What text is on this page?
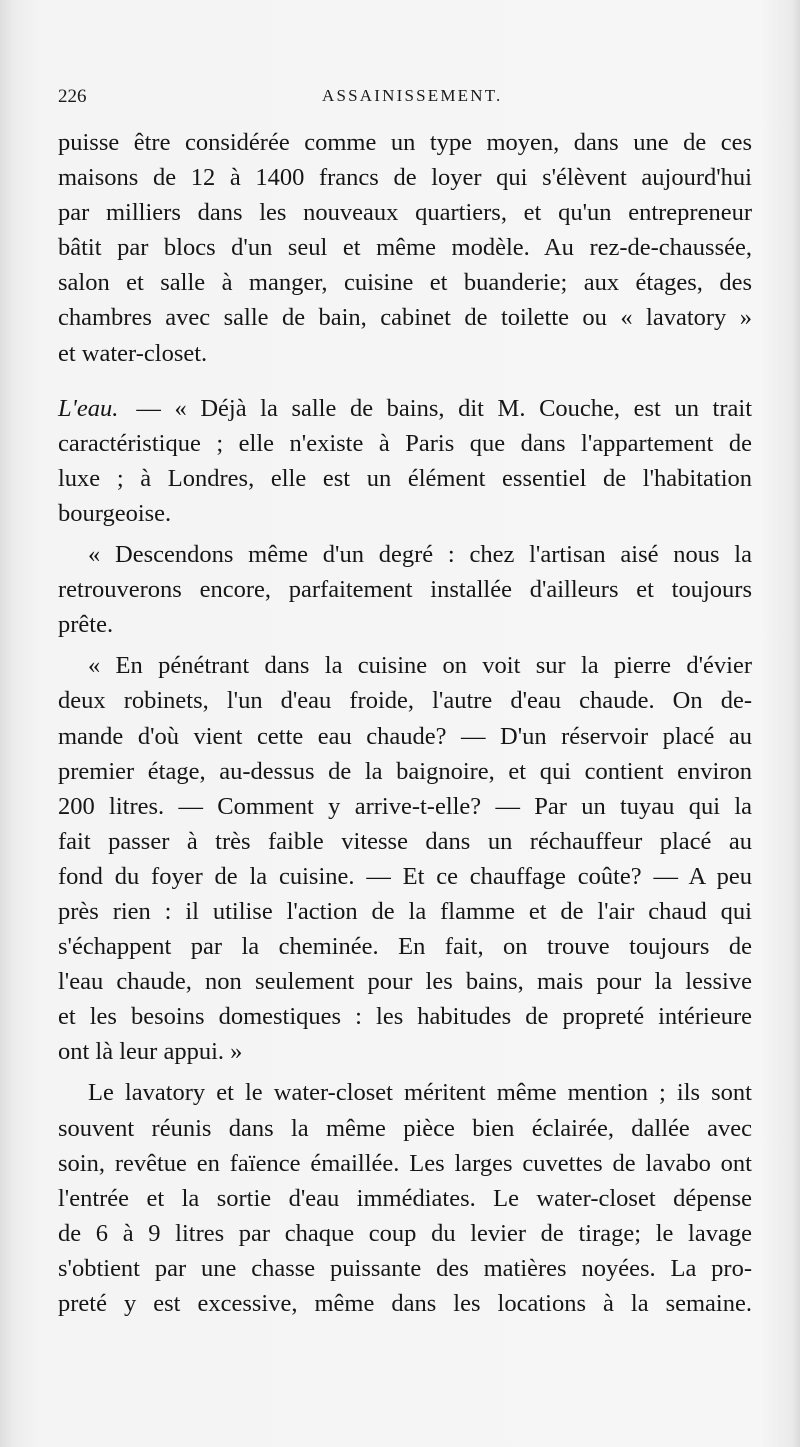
226	ASSAINISSEMENT.
puisse être considérée comme un type moyen, dans une de ces
maisons de 12 à 1400 francs de loyer qui s'élèvent aujourd'hui
par milliers dans les nouveaux quartiers, et qu'un entrepreneur
bâtit par blocs d'un seul et même modèle. Au rez-de-chaussée,
salon et salle à manger, cuisine et buanderie; aux étages, des
chambres avec salle de bain, cabinet de toilette ou « lavatory »
et water-closet.
L'eau. — « Déjà la salle de bains, dit M. Couche, est un trait
caractéristique ; elle n'existe à Paris que dans l'appartement de
luxe ; à Londres, elle est un élément essentiel de l'habitation
bourgeoise.
« Descendons même d'un degré : chez l'artisan aisé nous la
retrouverons encore, parfaitement installée d'ailleurs et toujours
prête.
« En pénétrant dans la cuisine on voit sur la pierre d'évier
deux robinets, l'un d'eau froide, l'autre d'eau chaude. On de-
mande d'où vient cette eau chaude? — D'un réservoir placé au
premier étage, au-dessus de la baignoire, et qui contient environ
200 litres. — Comment y arrive-t-elle? — Par un tuyau qui la
fait passer à très faible vitesse dans un réchauffeur placé au
fond du foyer de la cuisine. — Et ce chauffage coûte? — A peu
près rien : il utilise l'action de la flamme et de l'air chaud qui
s'échappent par la cheminée. En fait, on trouve toujours de
l'eau chaude, non seulement pour les bains, mais pour la lessive
et les besoins domestiques : les habitudes de propreté intérieure
ont là leur appui. »
Le lavatory et le water-closet méritent même mention ; ils sont
souvent réunis dans la même pièce bien éclairée, dallée avec
soin, revêtue en faïence émaillée. Les larges cuvettes de lavabo ont
l'entrée et la sortie d'eau immédiates. Le water-closet dépense
de 6 à 9 litres par chaque coup du levier de tirage; le lavage
s'obtient par une chasse puissante des matières noyées. La pro-
preté y est excessive, même dans les locations à la semaine.
